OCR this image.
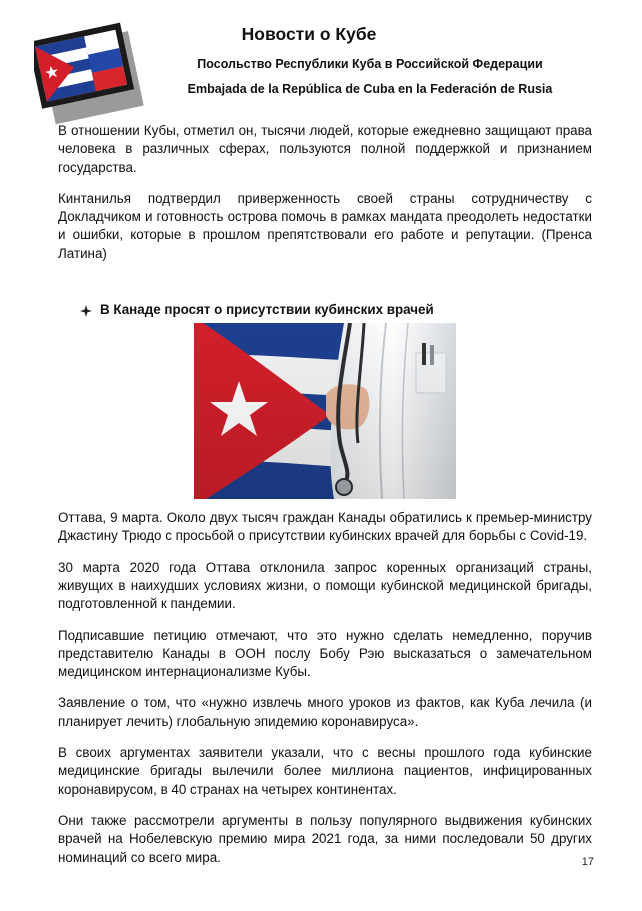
Новости о Кубе

Посольство Республики Куба в Российской Федерации

Embajada de la República de Cuba en la Federación de Rusia

В отношении Кубы, отметил он, тысячи людей, которые ежедневно защищают права человека в различных сферах, пользуются полной поддержкой и признанием государства.

Кинтанилья подтвердил приверженность своей страны сотрудничеству с Докладчиком и готовность острова помочь в рамках мандата преодолеть недостатки и ошибки, которые в прошлом препятствовали его работе и репутации. (Пренса Латина)

В Канаде просят о присутствии кубинских врачей

Оттава, 9 марта. Около двух тысяч граждан Канады обратились к премьер-министру Джастину Трюдо с просьбой о присутствии кубинских врачей для борьбы с Covid-19.

30 марта 2020 года Оттава отклонила запрос коренных организаций страны, живущих в наихудших условиях жизни, о помощи кубинской медицинской бригады, подготовленной к пандемии.

Подписавшие петицию отмечают, что это нужно сделать немедленно, поручив представителю Канады в ООН послу Бобу Рэю высказаться о замечательном медицинском интернационализме Кубы.

Заявление о том, что «нужно извлечь много уроков из фактов, как Куба лечила (и планирует лечить) глобальную эпидемию коронавируса».

В своих аргументах заявители указали, что с весны прошлого года кубинские медицинские бригады вылечили более миллиона пациентов, инфицированных коронавирусом, в 40 странах на четырех континентах.

Они также рассмотрели аргументы в пользу популярного выдвижения кубинских врачей на Нобелевскую премию мира 2021 года, за ними последовали 50 других номинаций со всего мира.	17
